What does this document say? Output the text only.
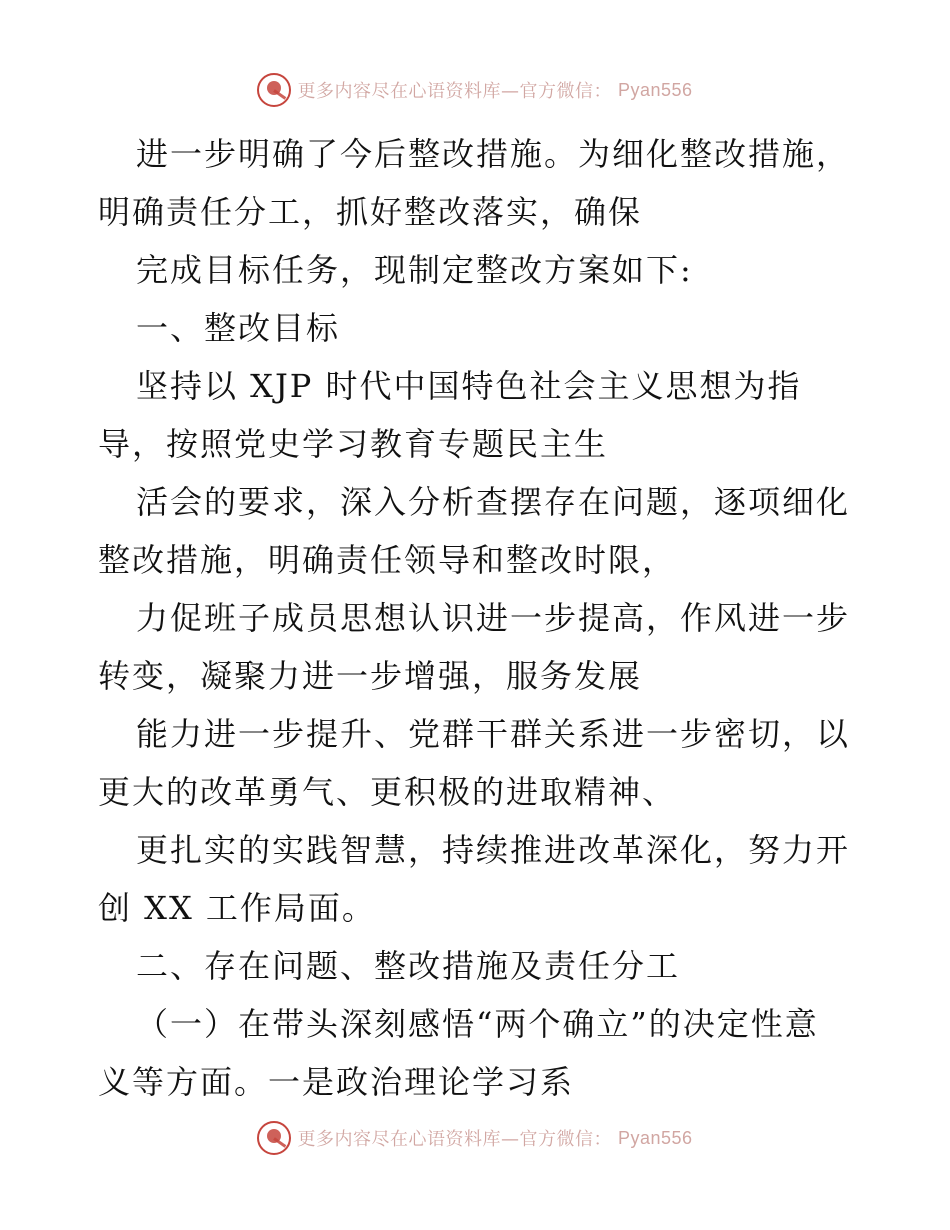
更多内容尽在心语资料库—官方微信： Pyan556
进一步明确了今后整改措施。为细化整改措施，
明确责任分工，抓好整改落实，确保
完成目标任务，现制定整改方案如下:
一、整改目标
坚持以 XJP 时代中国特色社会主义思想为指
导，按照党史学习教育专题民主生
活会的要求，深入分析查摆存在问题，逐项细化
整改措施，明确责任领导和整改时限，
力促班子成员思想认识进一步提高，作风进一步
转变，凝聚力进一步增强，服务发展
能力进一步提升、党群干群关系进一步密切，以
更大的改革勇气、更积极的进取精神、
更扎实的实践智慧，持续推进改革深化，努力开
创 XX 工作局面。
二、存在问题、整改措施及责任分工
（一）在带头深刻感悟“两个确立”的决定性意
义等方面。一是政治理论学习系
更多内容尽在心语资料库—官方微信： Pyan556
